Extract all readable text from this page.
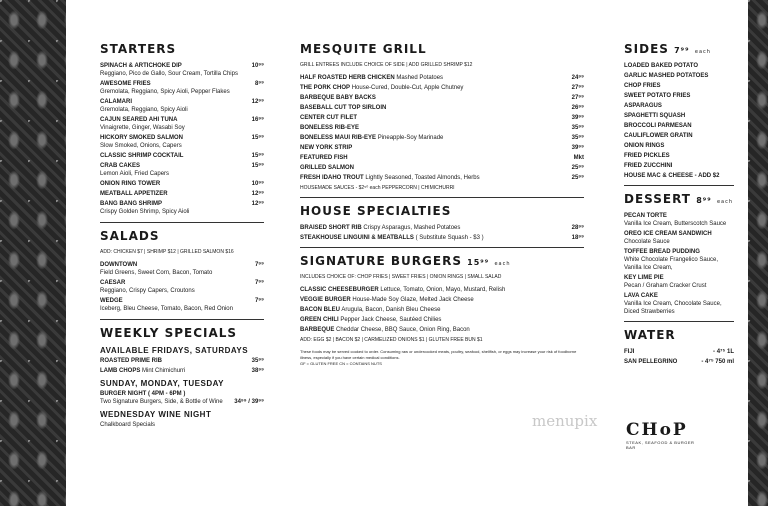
STARTERS
SPINACH & ARTICHOKE DIP	10⁹⁹
Reggiano, Pico de Gallo, Sour Cream, Tortilla Chips
AWESOME FRIES	8⁹⁹
Gremolata, Reggiano, Spicy Aioli, Pepper Flakes
CALAMARI	12⁹⁹
Gremolata, Reggiano, Spicy Aioli
CAJUN SEARED AHI TUNA	16⁹⁹
Vinaigrette, Ginger, Wasabi Soy
HICKORY SMOKED SALMON	15⁹⁹
Slow Smoked, Onions, Capers
CLASSIC SHRIMP COCKTAIL	15⁹⁹
CRAB CAKES	15⁹⁹
Lemon Aioli, Fried Capers
ONION RING TOWER	10⁹⁹
MEATBALL APPETIZER	12⁹⁹
BANG BANG SHRIMP	12⁹⁹
Crispy Golden Shrimp, Spicy Aioli
SALADS
ADD: CHICKEN $7 | SHRIMP $12 | GRILLED SALMON $16
DOWNTOWN	7⁹⁹
Field Greens, Sweet Corn, Bacon, Tomato
CAESAR	7⁹⁹
Reggiano, Crispy Capers, Croutons
WEDGE	7⁹⁹
Iceberg, Bleu Cheese, Tomato, Bacon, Red Onion
WEEKLY SPECIALS
AVAILABLE FRIDAYS, SATURDAYS
ROASTED PRIME RIB	35⁹⁹
LAMB CHOPS Mint Chimichurri	38⁹⁹
SUNDAY, MONDAY, TUESDAY
BURGER NIGHT ( 4PM - 6PM )
Two Signature Burgers, Side, & Bottle of Wine 34⁹⁹ / 39⁹⁹
WEDNESDAY WINE NIGHT
Chalkboard Specials
MESQUITE GRILL
GRILL ENTREES INCLUDE CHOICE OF SIDE | ADD GRILLED SHRIMP $12
HALF ROASTED HERB CHICKEN Mashed Potatoes	24⁹⁹
THE PORK CHOP House-Cured, Double-Cut, Apple Chutney	27⁹⁹
BARBEQUE BABY BACKS	27⁹⁹
BASEBALL CUT TOP SIRLOIN	26⁹⁹
CENTER CUT FILET	39⁹⁹
BONELESS RIB-EYE	35⁹⁹
BONELESS MAUI RIB-EYE Pineapple-Soy Marinade	35⁹⁹
NEW YORK STRIP	39⁹⁹
FEATURED FISH	Mkt
GRILLED SALMON	25⁹⁹
FRESH IDAHO TROUT Lightly Seasoned, Toasted Almonds, Herbs	25⁹⁹
HOUSEMADE SAUCES - $2⁵⁰ each PEPPERCORN | CHIMICHURRI
HOUSE SPECIALTIES
BRAISED SHORT RIB Crispy Asparagus, Mashed Potatoes	28⁹⁹
STEAKHOUSE LINGUINI & MEATBALLS ( Substitute Squash - $3 )	18⁹⁹
SIGNATURE BURGERS 15⁹⁹ each
INCLUDES CHOICE OF: CHOP FRIES | SWEET FRIES | ONION RINGS | SMALL SALAD
CLASSIC CHEESEBURGER Lettuce, Tomato, Onion, Mayo, Mustard, Relish
VEGGIE BURGER House-Made Soy Glaze, Melted Jack Cheese
BACON BLEU Arugula, Bacon, Danish Bleu Cheese
GREEN CHILI Pepper Jack Cheese, Sautéed Chilies
BARBEQUE Cheddar Cheese, BBQ Sauce, Onion Ring, Bacon
ADD: EGG $2 | BACON $2 | CARMELIZED ONIONS $1 | GLUTEN FREE BUN $1
These foods may be served cooked to order. Consuming raw or undercooked meats, poultry, seafood, shellfish, or eggs may increase your risk of foodborne illness, especially if you have certain medical conditions.
GF = GLUTEN FREE CN = CONTAINS NUTS
SIDES 7⁹⁹ each
LOADED BAKED POTATO
GARLIC MASHED POTATOES
CHOP FRIES
SWEET POTATO FRIES
ASPARAGUS
SPAGHETTI SQUASH
BROCCOLI PARMESAN
CAULIFLOWER GRATIN
ONION RINGS
FRIED PICKLES
FRIED ZUCCHINI
HOUSE MAC & CHEESE - ADD $2
DESSERT 8⁹⁹ each
PECAN TORTE
Vanilla Ice Cream, Butterscotch Sauce
OREO ICE CREAM SANDWICH
Chocolate Sauce
TOFFEE BREAD PUDDING
White Chocolate Frangelico Sauce, Vanilla Ice Cream,
KEY LIME PIE
Pecan / Graham Cracker Crust
LAVA CAKE
Vanilla Ice Cream, Chocolate Sauce, Diced Strawberries
WATER
FIJI	- 4⁷⁵ 1L
SAN PELLEGRINO	- 4⁷⁵ 750 ml
menupix CHoP
STEAK, SEAFOOD & BURGER BAR
